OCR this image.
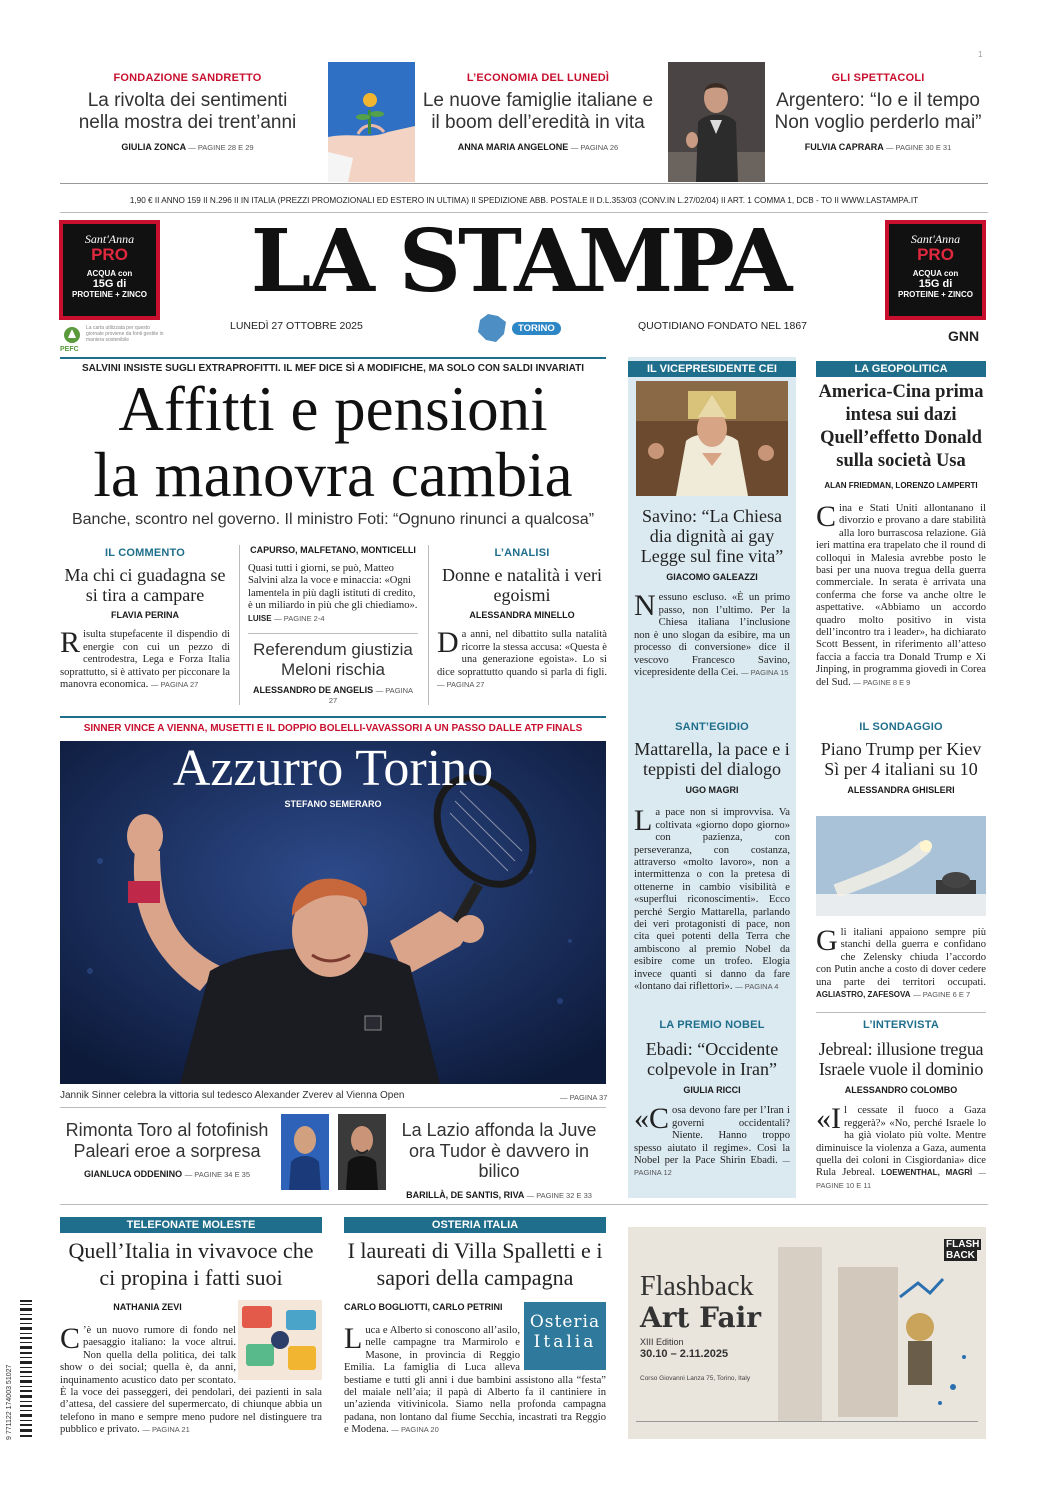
1
FONDAZIONE SANDRETTO
La rivolta dei sentimenti nella mostra dei trent’anni
GIULIA ZONCA — PAGINE 28 E 29
L’ECONOMIA DEL LUNEDÌ
Le nuove famiglie italiane e il boom dell’eredità in vita
ANNA MARIA ANGELONE — PAGINA 26
GLI SPETTACOLI
Argentero: “Io e il tempo Non voglio perderlo mai”
FULVIA CAPRARA — PAGINE 30 E 31
1,90 € II ANNO 159 II N.296 II IN ITALIA (PREZZI PROMOZIONALI ED ESTERO IN ULTIMA) II SPEDIZIONE ABB. POSTALE II D.L.353/03 (CONV.IN L.27/02/04) II ART. 1 COMMA 1, DCB - TO II WWW.LASTAMPA.IT
Sant'Anna
PRO
ACQUA con
15G di
PROTEINE + ZINCO
Sant'Anna
PRO
ACQUA con
15G di
PROTEINE + ZINCO
LA STAMPA
PEFC
La carta utilizzata per questo giornale proviene da fonti gestite in maniera sostenibile
LUNEDÌ 27 OTTOBRE 2025	TORINO	QUOTIDIANO FONDATO NEL 1867
GNN
SALVINI INSISTE SUGLI EXTRAPROFITTI. IL MEF DICE SÌ A MODIFICHE, MA SOLO CON SALDI INVARIATI
Affitti e pensioni
la manovra cambia
Banche, scontro nel governo. Il ministro Foti: “Ognuno rinunci a qualcosa”
IL COMMENTO
Ma chi ci guadagna se si tira a campare
FLAVIA PERINA
Risulta stupefacente il dispendio di energie con cui un pezzo di centrodestra, Lega e Forza Italia soprattutto, si è attivato per picconare la manovra economica. — PAGINA 27
CAPURSO, MALFETANO, MONTICELLI
Quasi tutti i giorni, se può, Matteo Salvini alza la voce e minaccia: «Ogni lamentela in più dagli istituti di credito, è un miliardo in più che gli chiediamo». LUISE — PAGINE 2-4
Referendum giustizia Meloni rischia
ALESSANDRO DE ANGELIS — PAGINA 27
L’ANALISI
Donne e natalità i veri egoismi
ALESSANDRA MINELLO
Da anni, nel dibattito sulla natalità ricorre la stessa accusa: «Questa è una generazione egoista». Lo si dice soprattutto quando si parla di figli. — PAGINA 27
SINNER VINCE A VIENNA, MUSETTI E IL DOPPIO BOLELLI-VAVASSORI A UN PASSO DALLE ATP FINALS
Azzurro Torino
STEFANO SEMERARO
Jannik Sinner celebra la vittoria sul tedesco Alexander Zverev al Vienna Open	— PAGINA 37
Rimonta Toro al fotofinish Paleari eroe a sorpresa
GIANLUCA ODDENINO — PAGINE 34 E 35
La Lazio affonda la Juve ora Tudor è davvero in bilico
BARILLÀ, DE SANTIS, RIVA — PAGINE 32 E 33
IL VICEPRESIDENTE CEI
Savino: “La Chiesa dia dignità ai gay Legge sul fine vita”
GIACOMO GALEAZZI
Nessuno escluso. «È un primo passo, non l’ultimo. Per la Chiesa italiana l’inclusione non è uno slogan da esibire, ma un processo di conversione» dice il vescovo Francesco Savino, vicepresidente della Cei. — PAGINA 15
SANT’EGIDIO
Mattarella, la pace e i teppisti del dialogo
UGO MAGRI
La pace non si improvvisa. Va coltivata «giorno dopo giorno» con pazienza, con perseveranza, con costanza, attraverso «molto lavoro», non a intermittenza o con la pretesa di ottenerne in cambio visibilità e «superflui riconoscimenti». Ecco perché Sergio Mattarella, parlando dei veri protagonisti di pace, non cita quei potenti della Terra che ambiscono al premio Nobel da esibire come un trofeo. Elogia invece quanti si danno da fare «lontano dai riflettori». — PAGINA 4
LA PREMIO NOBEL
Ebadi: “Occidente colpevole in Iran”
GIULIA RICCI
«Cosa devono fare per l’Iran i governi occidentali? Niente. Hanno troppo spesso aiutato il regime». Così la Nobel per la Pace Shirin Ebadi. — PAGINA 12
LA GEOPOLITICA
America-Cina prima intesa sui dazi Quell’effetto Donald sulla società Usa
ALAN FRIEDMAN, LORENZO LAMPERTI
Cina e Stati Uniti allontanano il divorzio e provano a dare stabilità alla loro burrascosa relazione. Già ieri mattina era trapelato che il round di colloqui in Malesia avrebbe posto le basi per una nuova tregua della guerra commerciale. In serata è arrivata una conferma che forse va anche oltre le aspettative. «Abbiamo un accordo quadro molto positivo in vista dell’incontro tra i leader», ha dichiarato Scott Bessent, in riferimento all’atteso faccia a faccia tra Donald Trump e Xi Jinping, in programma giovedì in Corea del Sud. — PAGINE 8 E 9
IL SONDAGGIO
Piano Trump per Kiev Sì per 4 italiani su 10
ALESSANDRA GHISLERI
Gli italiani appaiono sempre più stanchi della guerra e confidano che Zelensky chiuda l’accordo con Putin anche a costo di dover cedere una parte dei territori occupati. AGLIASTRO, ZAFESOVA — PAGINE 6 E 7
L’INTERVISTA
Jebreal: illusione tregua Israele vuole il dominio
ALESSANDRO COLOMBO
«Il cessate il fuoco a Gaza reggerà?» «No, perché Israele lo ha già violato più volte. Mentre diminuisce la violenza a Gaza, aumenta quella dei coloni in Cisgiordania» dice Rula Jebreal. LOEWENTHAL, MAGRÌ — PAGINE 10 E 11
TELEFONATE MOLESTE
Quell’Italia in vivavoce che ci propina i fatti suoi
NATHANIA ZEVI
C ’è un nuovo rumore di fondo nel paesaggio italiano: la voce altrui. Non quella della politica, dei talk show o dei social; quella è, da anni, inquinamento acustico dato per scontato. È la voce dei passeggeri, dei pendolari, dei pazienti in sala d’attesa, del cassiere del supermercato, di chiunque abbia un telefono in mano e sempre meno pudore nel distinguere tra pubblico e privato. — PAGINA 21
OSTERIA ITALIA
I laureati di Villa Spalletti e i sapori della campagna
CARLO BOGLIOTTI, CARLO PETRINI
Osteria
Italia
Luca e Alberto si conoscono all’asilo, nelle campagne tra Marmirolo e Masone, in provincia di Reggio Emilia. La famiglia di Luca alleva bestiame e tutti gli anni i due bambini assistono alla “festa” del maiale nell’aia; il papà di Alberto fa il cantiniere in un’azienda vitivinicola. Siamo nella profonda campagna padana, non lontano dal fiume Secchia, incastrati tra Reggio e Modena. — PAGINA 20
FLASH
BACK
Flashback
Art Fair
XIII Edition
30.10 – 2.11.2025
Corso Giovanni Lanza 75, Torino, Italy
9 771122 174003 51027
